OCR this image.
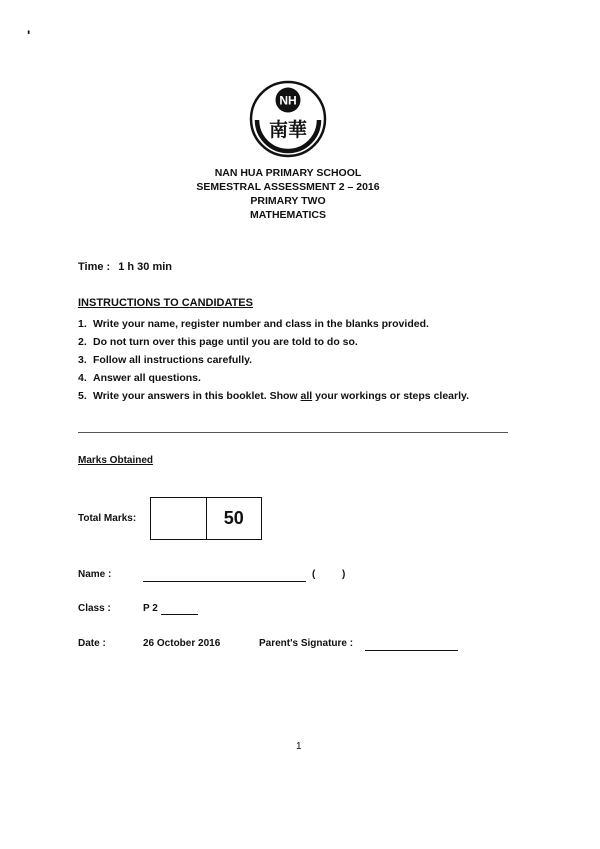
'
NH
南華
NAN HUA PRIMARY SCHOOL
SEMESTRAL ASSESSMENT 2 – 2016
PRIMARY TWO
MATHEMATICS
Time : 1 h 30 min
INSTRUCTIONS TO CANDIDATES
1. Write your name, register number and class in the blanks provided.
2. Do not turn over this page until you are told to do so.
3. Follow all instructions carefully.
4. Answer all questions.
5. Write your answers in this booklet. Show all your workings or steps clearly.
Marks Obtained
Total Marks:	50
Name :	(	)
Class :	P 2
Date :	26 October 2016	Parent's Signature :
1
